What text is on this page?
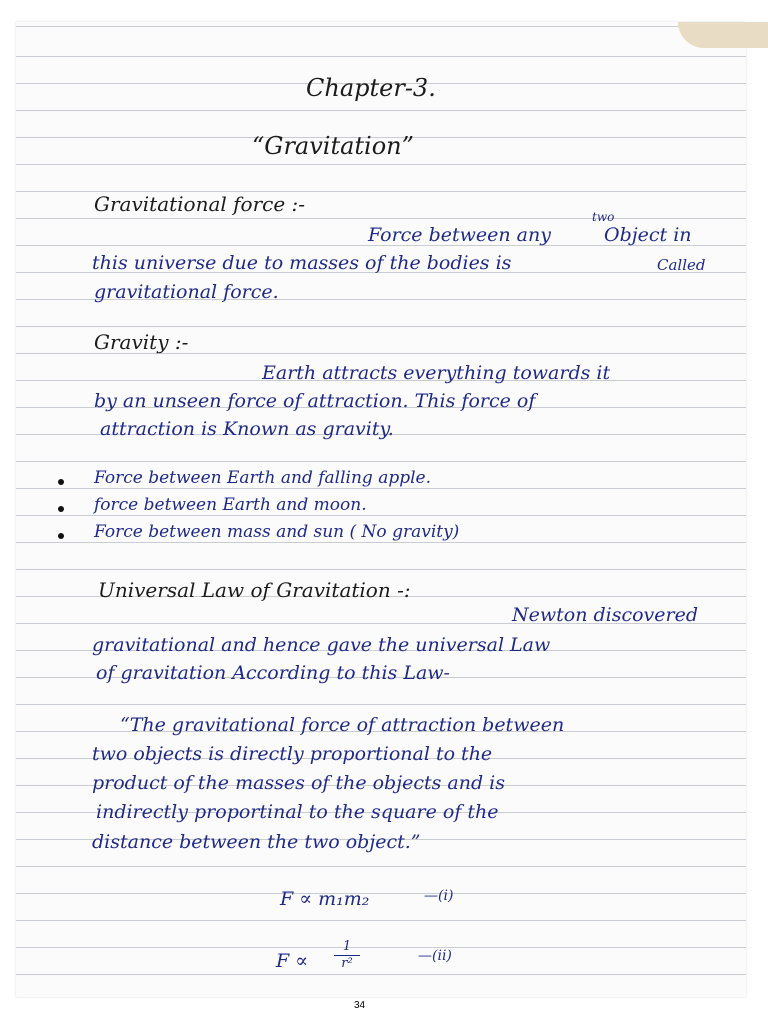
Chapter-3.
“Gravitation”
Gravitational force :-
Force between any
two
Object in
this universe due to masses of the bodies is	Called
gravitational force.
Gravity :-
Earth attracts everything towards it
by an unseen force of attraction. This force of
attraction is Known as gravity.
Force between Earth and falling apple.
force between Earth and moon.
Force between mass and sun ( No gravity)
Universal Law of Gravitation -:
Newton discovered
gravitational and hence gave the universal Law
of gravitation According to this Law-
“The gravitational force of attraction between
two objects is directly proportional to the
product of the masses of the objects and is
indirectly proportinal to the square of the
distance between the two object.”
F ∝ m₁m₂	—(i)
F ∝
1
r²	—(ii)
34
